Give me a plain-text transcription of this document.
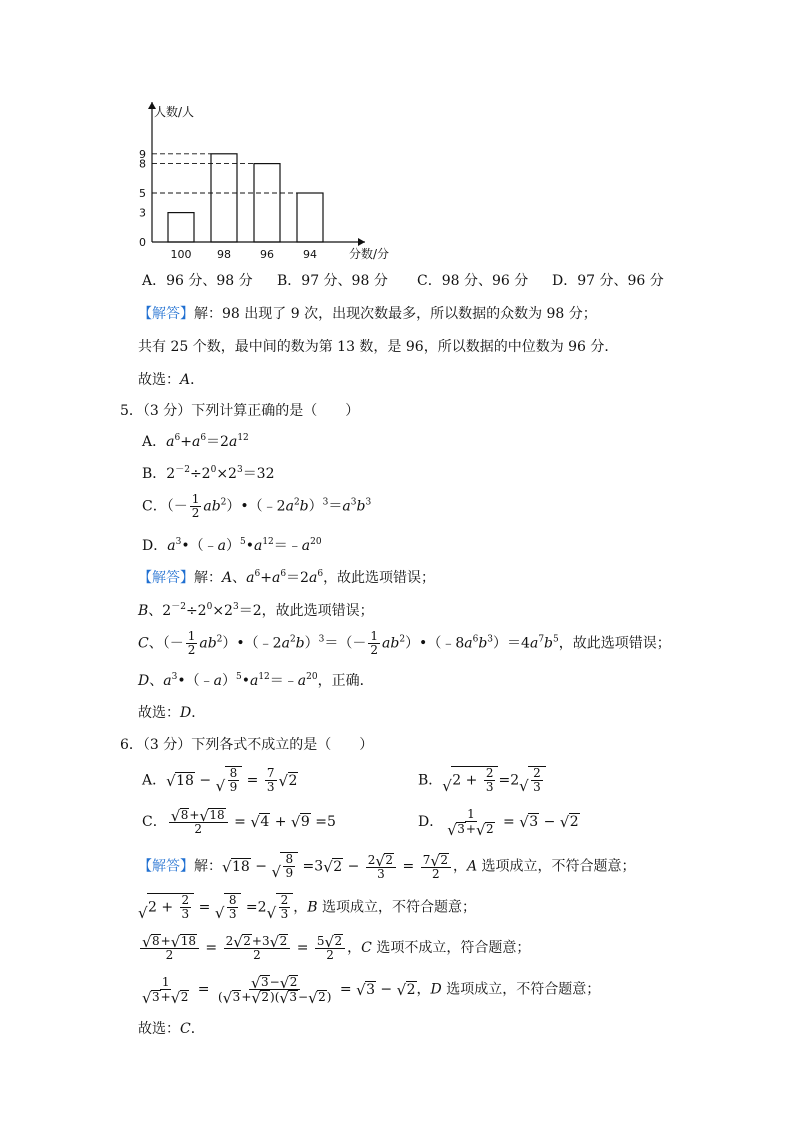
人数/人
分数/分
100 98	96	94
0
3
5
8
9
A．96 分、98 分 B．97 分、98 分 C．98 分、96 分 D．97 分、96 分
【解答】解：98 出现了 9 次，出现次数最多，所以数据的众数为 98 分；
共有 25 个数，最中间的数为第 13 数，是 96，所以数据的中位数为 96 分．
故选：A．
5．（3 分）下列计算正确的是（　　）
A．$a^6+a^6=2a^{12}$
B．$2^{-2}\div 2^0\times 2^3=32$
C．（－ $\frac{1}{2}$ $ab^2)•(﹣2a^2b)^3=a^3b^3$
D．$a^3•(﹣a)^5•a^{12}=﹣a^{20}$
【解答】解：A、$a^6+a^6=2a^6$，故此选项错误；
B、$2^{-2}\div 2^0\times 2^3=2$，故此选项错误；
C、（－ $\frac{1}{2}$ $ab^2)•(﹣2a^2b)^3=(- \frac{1}{2}$ $ab^2)•(﹣8a^6b^3)=4a^7b^5$，故此选项错误；
D、$a^3•(﹣a)^5•a^{12}=﹣a^{20}$，正确．
故选：D．
6．（3 分）下列各式不成立的是（　　）
A．√ 18 −
√ $\frac{8}{9} = \frac{7}{3}$
√ 2	B．√ $2 + \frac{2}{3} =2$
√ $\frac{2}{3}$
C．
√ $\frac{8+√ 18}{2}$ = √ 4 + √ 9 =5	D． 1
√ 3+√ 2 = √ 3 − √ 2
【解答】解：√ 18 −
√ $\frac{8}{9} =3√$ $2 - \frac{2√ 2}{3} = \frac{7√ 2}{2}$ ，A 选项成立，不符合题意；
√ $2 + \frac{2}{3}$ =
√ $\frac{8}{3} =2$
√ $\frac{2}{3}$ ，B 选项成立，不符合题意；
√ $\frac{8+√ 18}{2} = \frac{2√ 2+3√ 2}{2} = \frac{5√ 2}{2}$ ，C 选项不成立，符合题意；
1
√ 3+√ 2 =
√ $\frac{3-√ 2}{(√ 3+√ 2)(√ 3-√ 2)}$ = √ 3 − √ 2，D 选项成立，不符合题意；
故选：C．
